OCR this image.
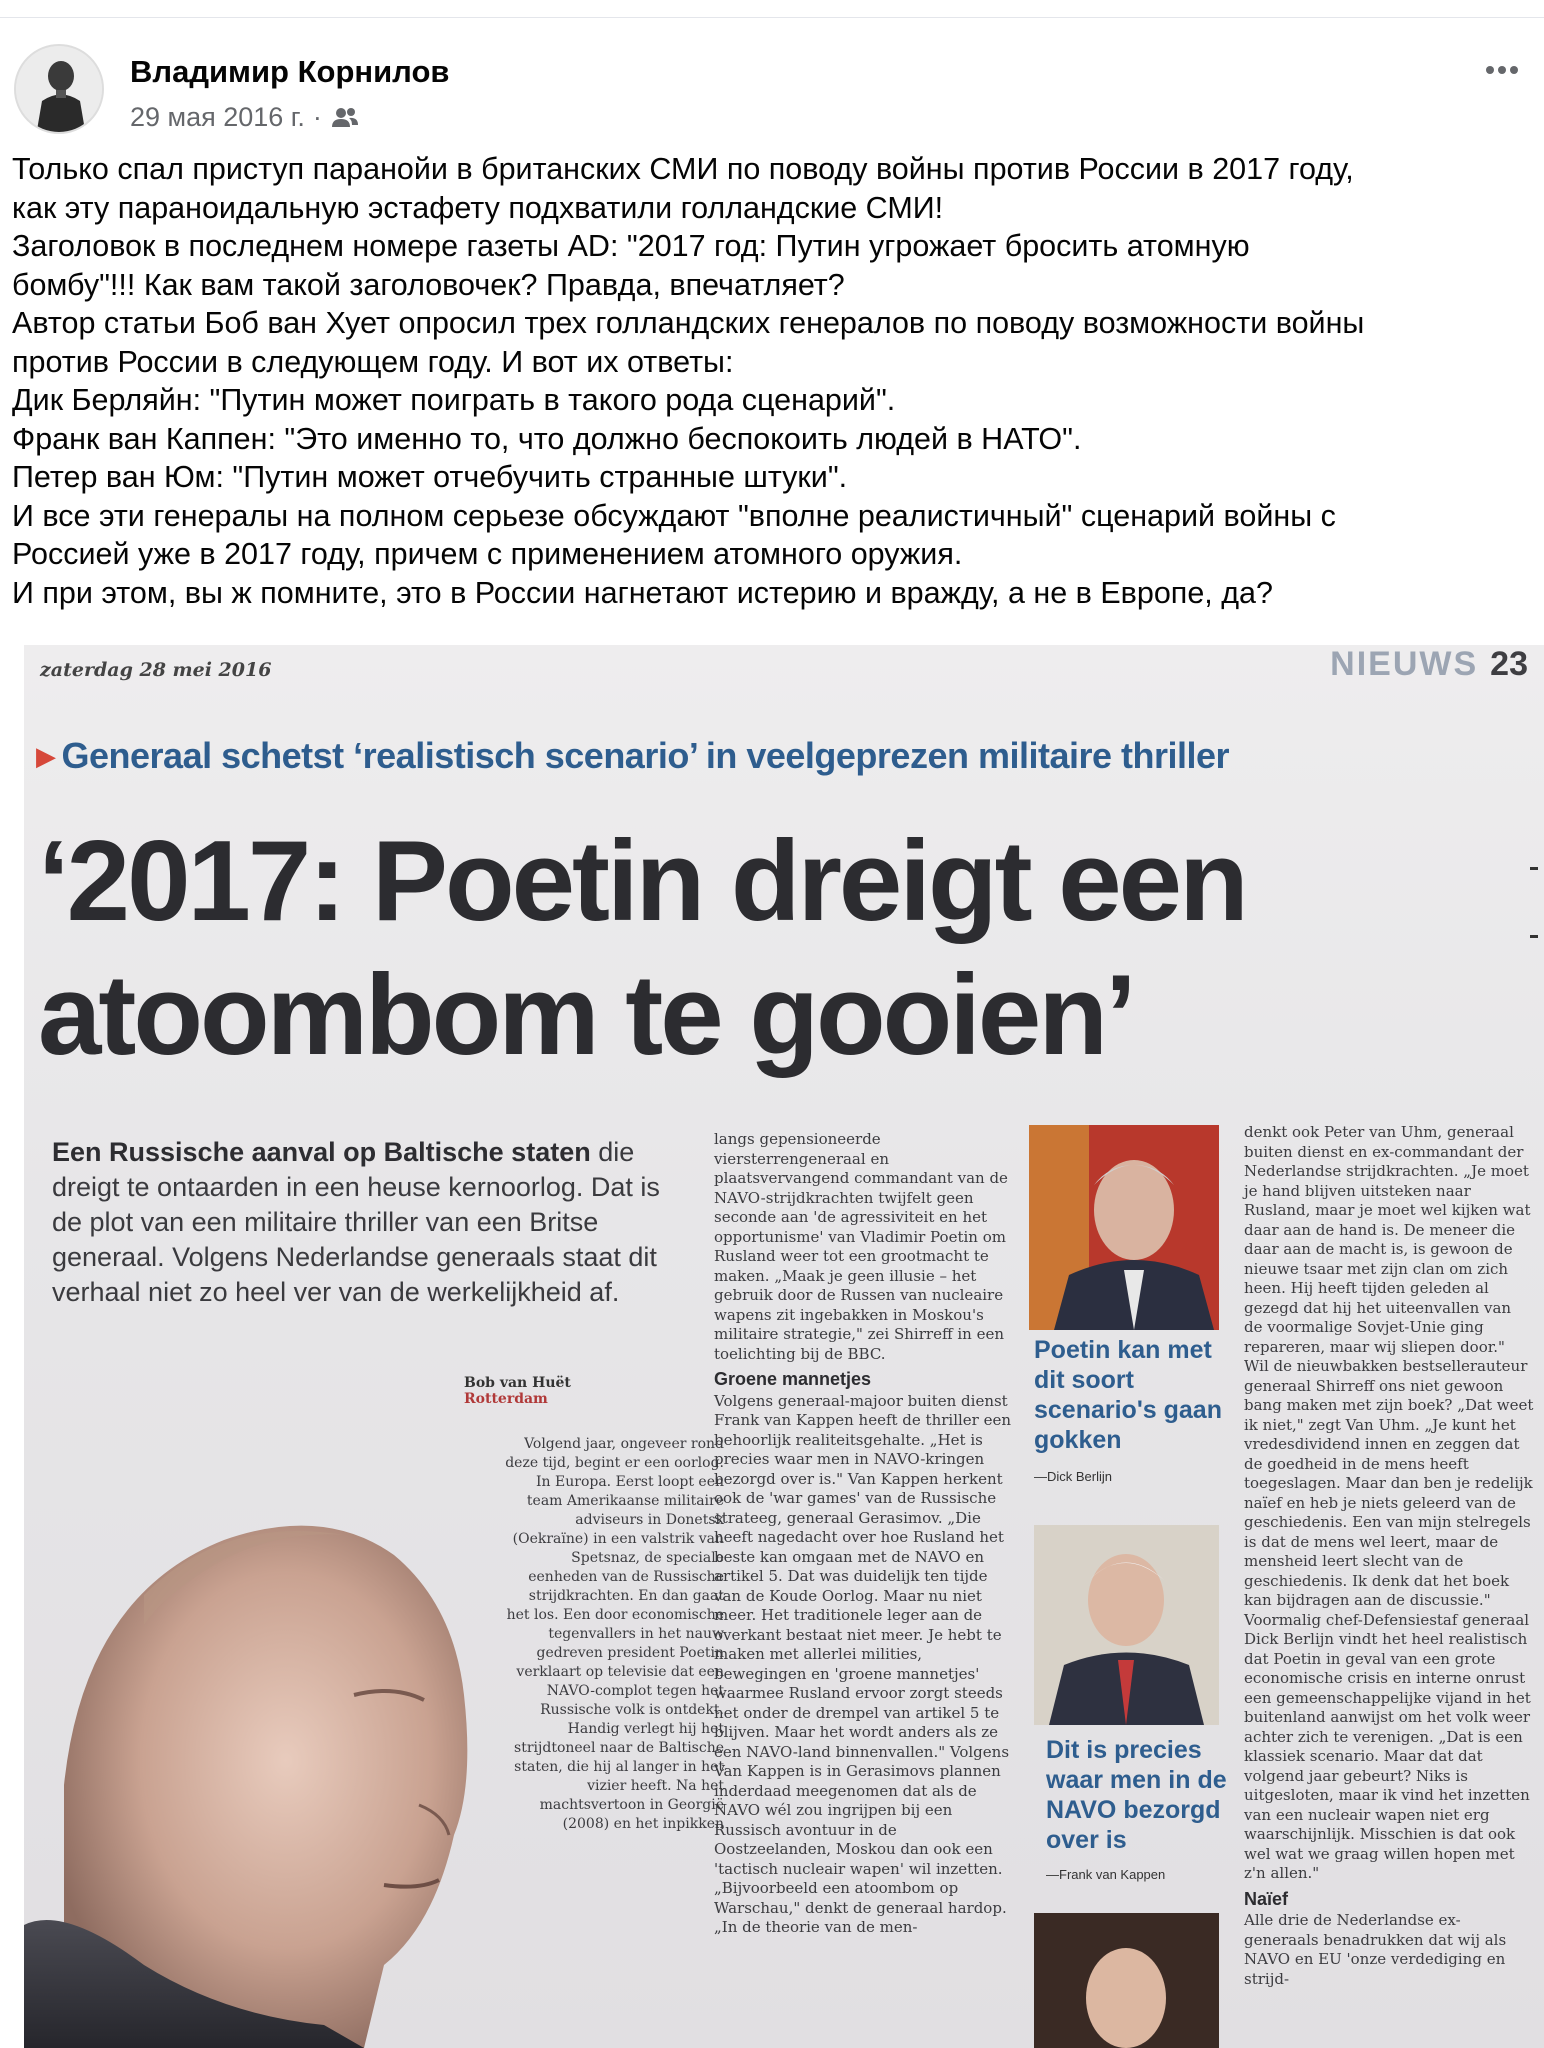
Владимир Корнилов
29 мая 2016 г. ·

Только спал приступ паранойи в британских СМИ по поводу войны против России в 2017 году,

как эту параноидальную эстафету подхватили голландские СМИ!

Заголовок в последнем номере газеты AD: "2017 год: Путин угрожает бросить атомную

бомбу"!!! Как вам такой заголовочек? Правда, впечатляет?

Автор статьи Боб ван Хует опросил трех голландских генералов по поводу возможности войны

против России в следующем году. И вот их ответы:

Дик Берляйн: "Путин может поиграть в такого рода сценарий".

Франк ван Каппен: "Это именно то, что должно беспокоить людей в НАТО".

Петер ван Юм: "Путин может отчебучить странные штуки".

И все эти генералы на полном серьезе обсуждают "вполне реалистичный" сценарий войны с

Россией уже в 2017 году, причем с применением атомного оружия.

И при этом, вы ж помните, это в России нагнетают истерию и вражду, а не в Европе, да?

zaterdag 28 mei 2016	NIEUWS 23
▶ Generaal schetst ‘realistisch scenario’ in veelgeprezen militaire thriller
‘2017: Poetin dreigt een
atoombom te gooien’
Een Russische aanval op Baltische staten die dreigt te ontaarden in een heuse kernoorlog. Dat is de plot van een militaire thriller van een Britse generaal. Volgens Nederlandse generaals staat dit verhaal niet zo heel ver van de werkelijkheid af.
Bob van Huët
Rotterdam
Volgend jaar, ongeveer rond deze tijd, begint er een oorlog. In Europa. Eerst loopt een team Amerikaanse militaire adviseurs in Donetsk (Oekraïne) in een valstrik van Spetsnaz, de speciale eenheden van de Russische strijdkrachten. En dan gaat het los. Een door economische tegenvallers in het nauw gedreven president Poetin verklaart op televisie dat een NAVO-complot tegen het Russische volk is ontdekt. Handig verlegt hij het strijdtoneel naar de Baltische staten, die hij al langer in het vizier heeft. Na het machtsvertoon in Georgië (2008) en het inpikken
langs gepensioneerde viersterrengeneraal en plaatsvervangend commandant van de NAVO-strijdkrachten twijfelt geen seconde aan 'de agressiviteit en het opportunisme' van Vladimir Poetin om Rusland weer tot een grootmacht te maken. „Maak je geen illusie – het gebruik door de Russen van nucleaire wapens zit ingebakken in Moskou's militaire strategie," zei Shirreff in een toelichting bij de BBC.
Groene mannetjes
Volgens generaal-majoor buiten dienst Frank van Kappen heeft de thriller een behoorlijk realiteitsgehalte. „Het is precies waar men in NAVO-kringen bezorgd over is." Van Kappen herkent ook de 'war games' van de Russische strateeg, generaal Gerasimov. „Die heeft nagedacht over hoe Rusland het beste kan omgaan met de NAVO en artikel 5. Dat was duidelijk ten tijde van de Koude Oorlog. Maar nu niet meer. Het traditionele leger aan de overkant bestaat niet meer. Je hebt te maken met allerlei milities, bewegingen en 'groene mannetjes' waarmee Rusland ervoor zorgt steeds net onder de drempel van artikel 5 te blijven. Maar het wordt anders als ze een NAVO-land binnenvallen." Volgens Van Kappen is in Gerasimovs plannen inderdaad meegenomen dat als de NAVO wél zou ingrijpen bij een Russisch avontuur in de Oostzeelanden, Moskou dan ook een 'tactisch nucleair wapen' wil inzetten. „Bijvoorbeeld een atoombom op Warschau," denkt de generaal hardop. „In de theorie van de men-
Poetin kan met dit soort scenario's gaan gokken
—Dick Berlijn
Dit is precies waar men in de NAVO bezorgd over is
—Frank van Kappen
denkt ook Peter van Uhm, generaal buiten dienst en ex-commandant der Nederlandse strijdkrachten. „Je moet je hand blijven uitsteken naar Rusland, maar je moet wel kijken wat daar aan de hand is. De meneer die daar aan de macht is, is gewoon de nieuwe tsaar met zijn clan om zich heen. Hij heeft tijden geleden al gezegd dat hij het uiteenvallen van de voormalige Sovjet-Unie ging repareren, maar wij sliepen door." Wil de nieuwbakken bestsellerauteur generaal Shirreff ons niet gewoon bang maken met zijn boek? „Dat weet ik niet," zegt Van Uhm. „Je kunt het vredesdividend innen en zeggen dat de goedheid in de mens heeft toegeslagen. Maar dan ben je redelijk naïef en heb je niets geleerd van de geschiedenis. Een van mijn stelregels is dat de mens wel leert, maar de mensheid leert slecht van de geschiedenis. Ik denk dat het boek kan bijdragen aan de discussie." Voormalig chef-Defensiestaf generaal Dick Berlijn vindt het heel realistisch dat Poetin in geval van een grote economische crisis en interne onrust een gemeenschappelijke vijand in het buitenland aanwijst om het volk weer achter zich te verenigen. „Dat is een klassiek scenario. Maar dat dat volgend jaar gebeurt? Niks is uitgesloten, maar ik vind het inzetten van een nucleair wapen niet erg waarschijnlijk. Misschien is dat ook wel wat we graag willen hopen met z'n allen."
Naïef
Alle drie de Nederlandse ex-generaals benadrukken dat wij als NAVO en EU 'onze verdediging en strijd-
